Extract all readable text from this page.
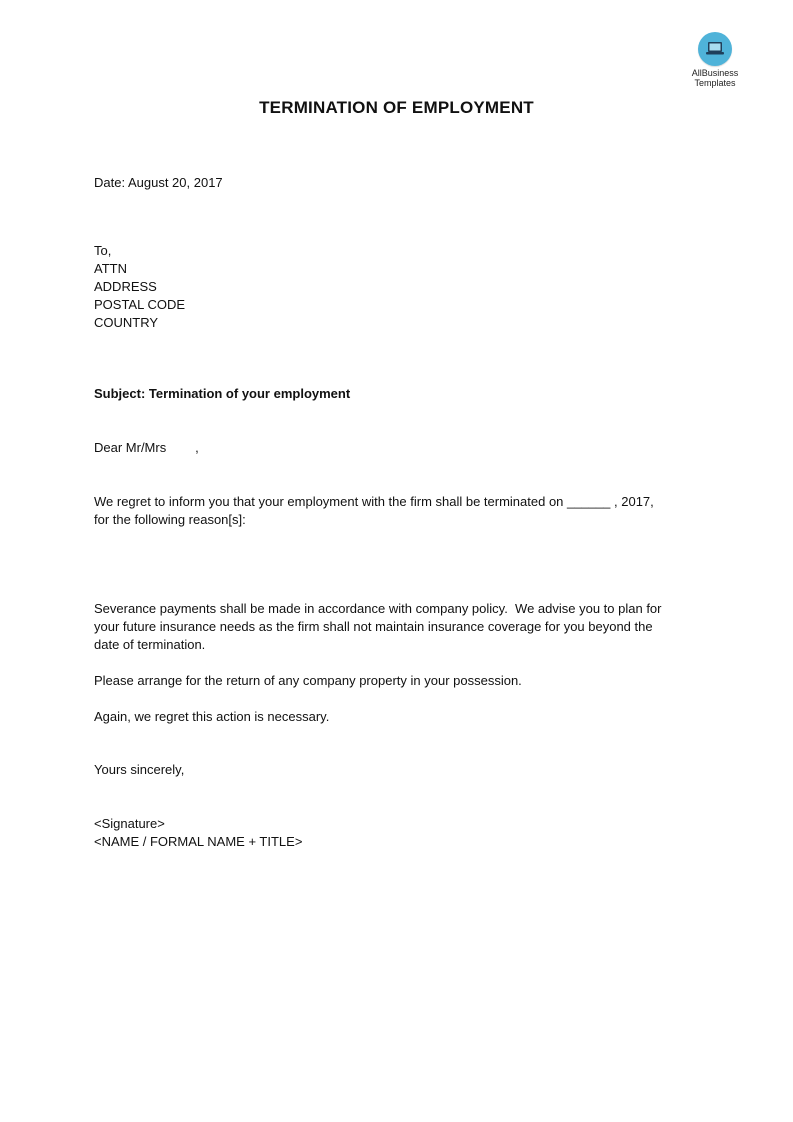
AllBusiness
Templates
TERMINATION OF EMPLOYMENT
Date: August 20, 2017
To,
ATTN
ADDRESS
POSTAL CODE
COUNTRY
Subject: Termination of your employment
Dear Mr/Mrs        ,
We regret to inform you that your employment with the firm shall be terminated on ______ , 2017,
for the following reason[s]:
Severance payments shall be made in accordance with company policy.  We advise you to plan for
your future insurance needs as the firm shall not maintain insurance coverage for you beyond the
date of termination.
Please arrange for the return of any company property in your possession.
Again, we regret this action is necessary.
Yours sincerely,
<Signature>
<NAME / FORMAL NAME + TITLE>
